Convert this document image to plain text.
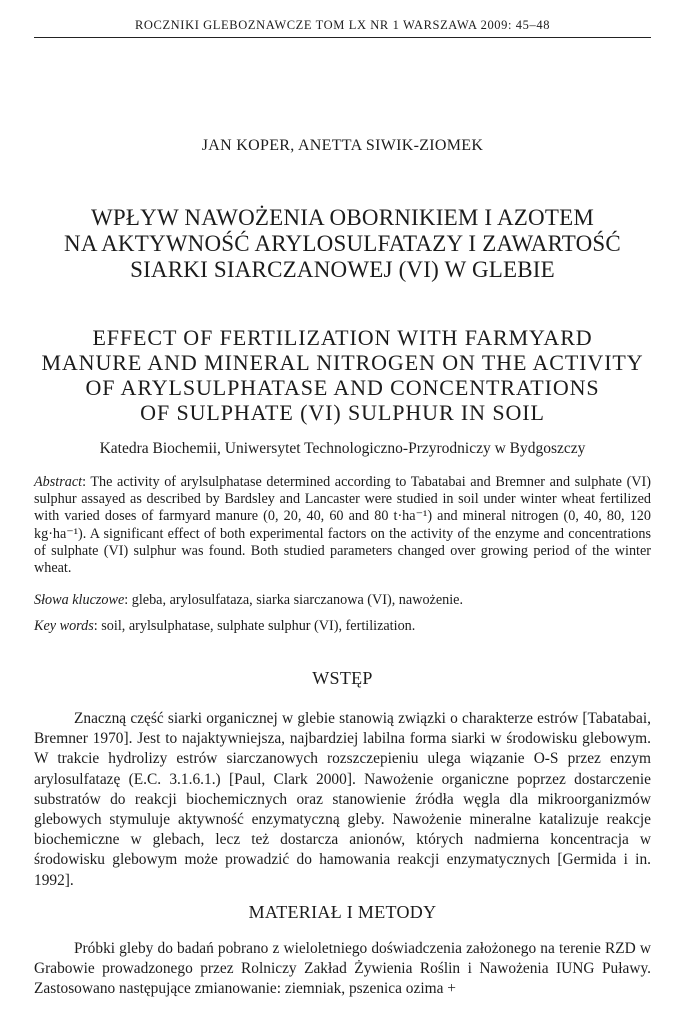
ROCZNIKI GLEBOZNAWCZE TOM LX NR 1 WARSZAWA 2009: 45–48
JAN KOPER, ANETTA SIWIK-ZIOMEK
WPŁYW NAWOŻENIA OBORNIKIEM I AZOTEM
NA AKTYWNOŚĆ ARYLOSULFATAZY I ZAWARTOŚĆ
SIARKI SIARCZANOWEJ (VI) W GLEBIE
EFFECT OF FERTILIZATION WITH FARMYARD
MANURE AND MINERAL NITROGEN ON THE ACTIVITY
OF ARYLSULPHATASE AND CONCENTRATIONS
OF SULPHATE (VI) SULPHUR IN SOIL
Katedra Biochemii, Uniwersytet Technologiczno-Przyrodniczy w Bydgoszczy
Abstract: The activity of arylsulphatase determined according to Tabatabai and Bremner and sulphate (VI) sulphur assayed as described by Bardsley and Lancaster were studied in soil under winter wheat fertilized with varied doses of farmyard manure (0, 20, 40, 60 and 80 t·ha⁻¹) and mineral nitrogen (0, 40, 80, 120 kg·ha⁻¹). A significant effect of both experimental factors on the activity of the enzyme and concentrations of sulphate (VI) sulphur was found. Both studied parameters changed over growing period of the winter wheat.
Słowa kluczowe: gleba, arylosulfataza, siarka siarczanowa (VI), nawożenie.
Key words: soil, arylsulphatase, sulphate sulphur (VI), fertilization.
WSTĘP
Znaczną część siarki organicznej w glebie stanowią związki o charakterze estrów [Tabatabai, Bremner 1970]. Jest to najaktywniejsza, najbardziej labilna forma siarki w środowisku glebowym. W trakcie hydrolizy estrów siarczanowych rozszczepieniu ulega wiązanie O-S przez enzym arylosulfatazę (E.C. 3.1.6.1.) [Paul, Clark 2000]. Nawożenie organiczne poprzez dostarczenie substratów do reakcji biochemicznych oraz stanowienie źródła węgla dla mikroorganizmów glebowych stymuluje aktywność enzymatyczną gleby. Nawożenie mineralne katalizuje reakcje biochemiczne w glebach, lecz też dostarcza anionów, których nadmierna koncentracja w środowisku glebowym może prowadzić do hamowania reakcji enzymatycznych [Germida i in. 1992].
MATERIAŁ I METODY
Próbki gleby do badań pobrano z wieloletniego doświadczenia założonego na terenie RZD w Grabowie prowadzonego przez Rolniczy Zakład Żywienia Roślin i Nawożenia IUNG Puławy. Zastosowano następujące zmianowanie: ziemniak, pszenica ozima +
